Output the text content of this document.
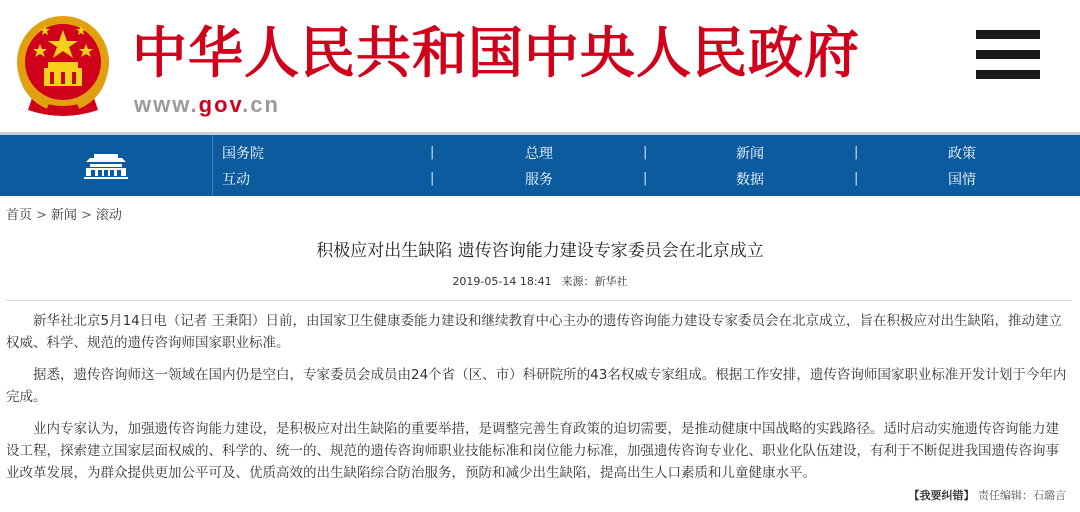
中华人民共和国中央人民政府
www.gov.cn
国务院	总理	新闻	政策
互动	服务	数据	国情
|	|	|
|	|	|
首页 > 新闻 > 滚动
积极应对出生缺陷 遗传咨询能力建设专家委员会在北京成立
2019-05-14 18:41 来源：新华社

新华社北京5月14日电（记者 王秉阳）日前，由国家卫生健康委能力建设和继续教育中心主办的遗传咨询能力建设专家委员会在北京成立，旨在积极应对出生缺陷，推动建立权威、科学、规范的遗传咨询师国家职业标准。

据悉，遗传咨询师这一领域在国内仍是空白，专家委员会成员由24个省（区、市）科研院所的43名权威专家组成。根据工作安排，遗传咨询师国家职业标准开发计划于今年内完成。

业内专家认为，加强遗传咨询能力建设，是积极应对出生缺陷的重要举措，是调整完善生育政策的迫切需要，是推动健康中国战略的实践路径。适时启动实施遗传咨询能力建设工程，探索建立国家层面权威的、科学的、统一的、规范的遗传咨询师职业技能标准和岗位能力标准，加强遗传咨询专业化、职业化队伍建设，有利于不断促进我国遗传咨询事业改革发展，为群众提供更加公平可及、优质高效的出生缺陷综合防治服务，预防和减少出生缺陷，提高出生人口素质和儿童健康水平。

【我要纠错】 责任编辑：石璐言
